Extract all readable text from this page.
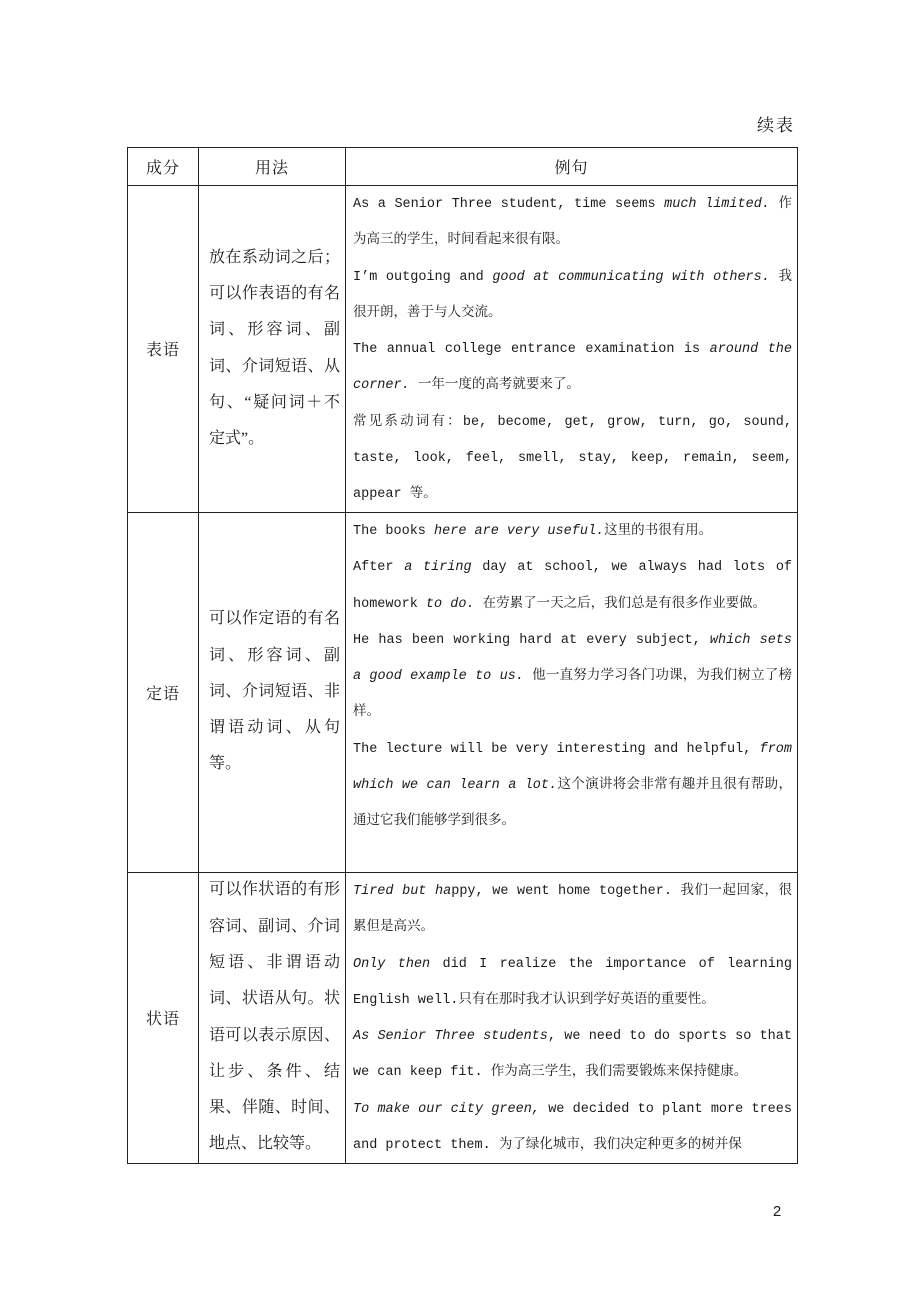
续表
成分	用法	例句

表语	放在系动词之后；可以作表语的有名词、形容词、副词、介词短语、从句、“疑问词＋不定式”。	As a Senior Three student, time seems much limited. 作为高三的学生，时间看起来很有限。
I’m outgoing and good at communicating with others. 我很开朗，善于与人交流。
The annual college entrance examination is around the corner. 一年一度的高考就要来了。
常见系动词有：be, become, get, grow, turn, go, sound, taste, look, feel, smell, stay, keep, remain, seem, appear 等。

定语	可以作定语的有名词、形容词、副词、介词短语、非谓语动词、从句等。	The books here are very useful.这里的书很有用。
After a tiring day at school, we always had lots of homework to do. 在劳累了一天之后，我们总是有很多作业要做。
He has been working hard at every subject, which sets a good example to us. 他一直努力学习各门功课，为我们树立了榜样。
The lecture will be very interesting and helpful, from which we can learn a lot.这个演讲将会非常有趣并且很有帮助，通过它我们能够学到很多。

状语	可以作状语的有形容词、副词、介词短语、非谓语动词、状语从句。状语可以表示原因、让步、条件、结果、伴随、时间、地点、比较等。	Tired but happy, we went home together. 我们一起回家，很累但是高兴。
Only then did I realize the importance of learning English well.只有在那时我才认识到学好英语的重要性。
As Senior Three students, we need to do sports so that we can keep fit. 作为高三学生，我们需要锻炼来保持健康。
To make our city green, we decided to plant more trees and protect them. 为了绿化城市，我们决定种更多的树并保
2
